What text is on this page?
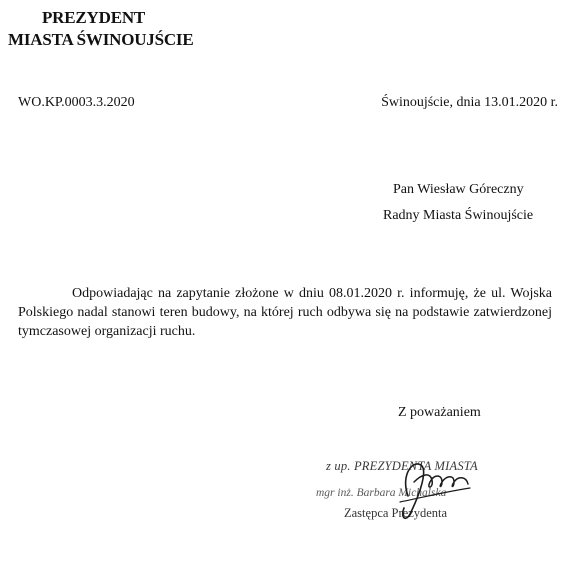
PREZYDENT
MIASTA ŚWINOUJŚCIE
WO.KP.0003.3.2020	Świnoujście, dnia 13.01.2020 r.
Pan Wiesław Góreczny
Radny Miasta Świnoujście
Odpowiadając na zapytanie złożone w dniu 08.01.2020 r. informuję, że ul. Wojska Polskiego nadal stanowi teren budowy, na której ruch odbywa się na podstawie zatwierdzonej tymczasowej organizacji ruchu.
Z poważaniem
z up. PREZYDENTA MIASTA
mgr inż. Barbara Michalska
Zastępca Prezydenta
